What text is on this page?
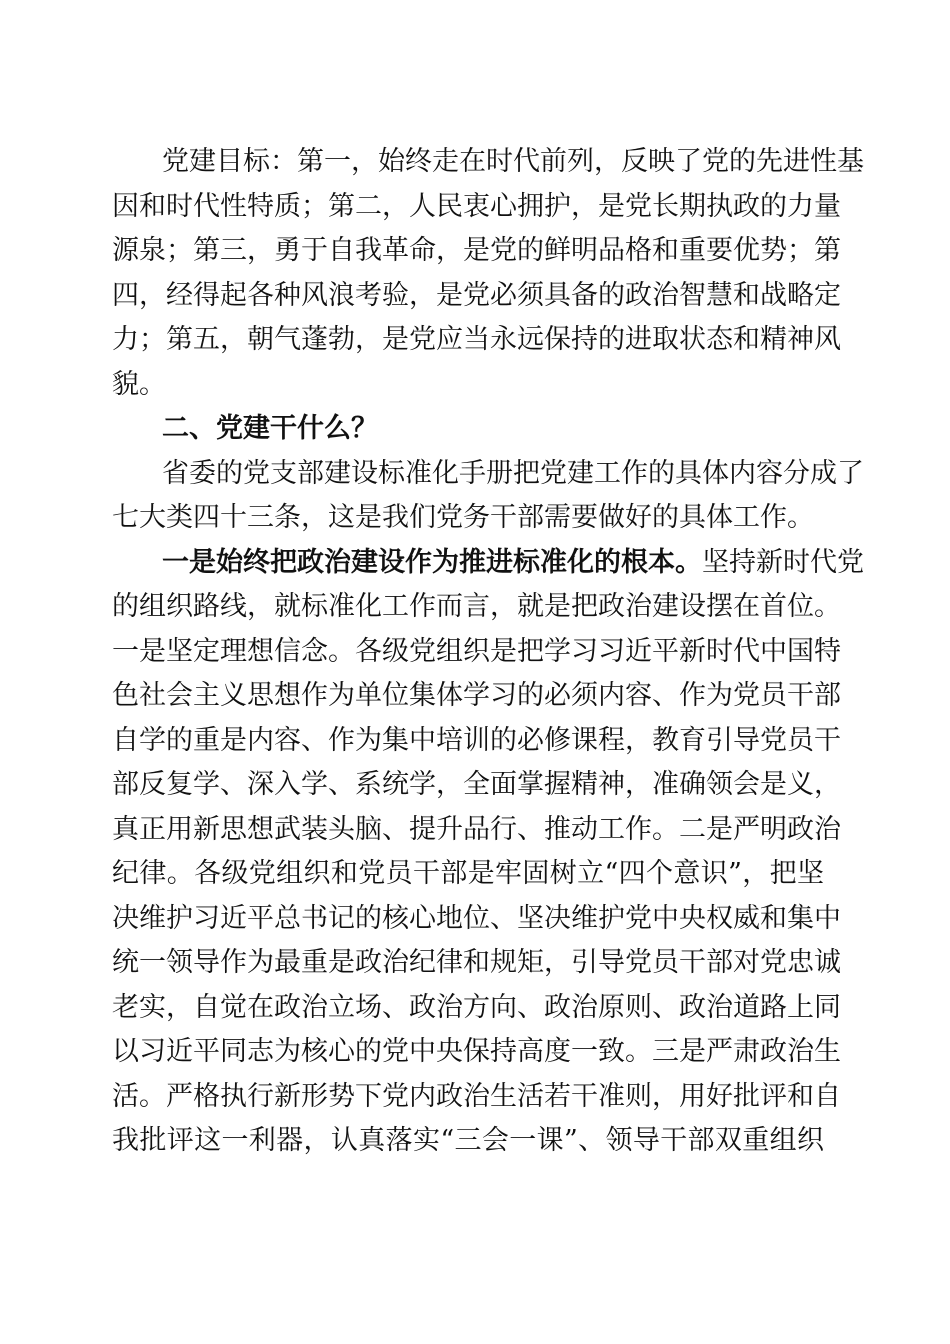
党建目标：第一，始终走在时代前列，反映了党的先进性基
因和时代性特质；第二，人民衷心拥护，是党长期执政的力量
源泉；第三，勇于自我革命，是党的鲜明品格和重要优势；第
四，经得起各种风浪考验，是党必须具备的政治智慧和战略定
力；第五，朝气蓬勃，是党应当永远保持的进取状态和精神风
貌。
二、党建干什么？
省委的党支部建设标准化手册把党建工作的具体内容分成了
七大类四十三条，这是我们党务干部需要做好的具体工作。
一是始终把政治建设作为推进标准化的根本。坚持新时代党
的组织路线，就标准化工作而言，就是把政治建设摆在首位。
一是坚定理想信念。各级党组织是把学习习近平新时代中国特
色社会主义思想作为单位集体学习的必须内容、作为党员干部
自学的重是内容、作为集中培训的必修课程，教育引导党员干
部反复学、深入学、系统学，全面掌握精神，准确领会是义，
真正用新思想武装头脑、提升品行、推动工作。二是严明政治
纪律。各级党组织和党员干部是牢固树立“四个意识”，把坚
决维护习近平总书记的核心地位、坚决维护党中央权威和集中
统一领导作为最重是政治纪律和规矩，引导党员干部对党忠诚
老实，自觉在政治立场、政治方向、政治原则、政治道路上同
以习近平同志为核心的党中央保持高度一致。三是严肃政治生
活。严格执行新形势下党内政治生活若干准则，用好批评和自
我批评这一利器，认真落实“三会一课”、领导干部双重组织
